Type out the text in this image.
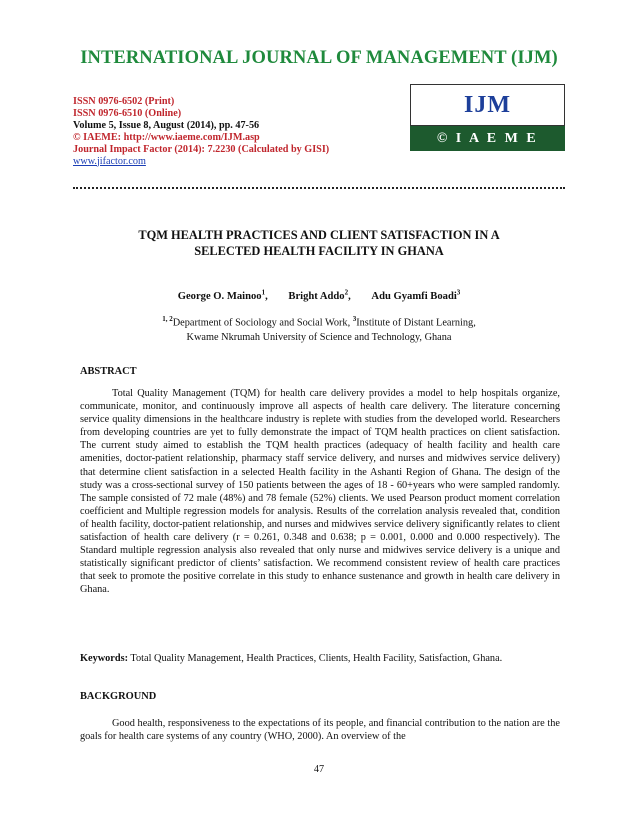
INTERNATIONAL JOURNAL OF MANAGEMENT (IJM)
ISSN 0976-6502 (Print)
ISSN 0976-6510 (Online)
Volume 5, Issue 8, August (2014), pp. 47-56
© IAEME: http://www.iaeme.com/IJM.asp
Journal Impact Factor (2014): 7.2230 (Calculated by GISI)
www.jifactor.com
IJM
© I A E M E
TQM HEALTH PRACTICES AND CLIENT SATISFACTION IN A
SELECTED HEALTH FACILITY IN GHANA
George O. Mainoo$^1$, Bright Addo$^2$, Adu Gyamfi Boadi$^3$
$^{1, 2}$Department of Sociology and Social Work, $^3$Institute of Distant Learning,
Kwame Nkrumah University of Science and Technology, Ghana
ABSTRACT
Total Quality Management (TQM) for health care delivery provides a model to help hospitals organize, communicate, monitor, and continuously improve all aspects of health care delivery. The literature concerning service quality dimensions in the healthcare industry is replete with studies from the developed world. Researchers from developing countries are yet to fully demonstrate the impact of TQM health practices on client satisfaction. The current study aimed to establish the TQM health practices (adequacy of health facility and health care amenities, doctor-patient relationship, pharmacy staff service delivery, and nurses and midwives service delivery) that determine client satisfaction in a selected Health facility in the Ashanti Region of Ghana. The design of the study was a cross-sectional survey of 150 patients between the ages of 18 - 60+years who were sampled randomly. The sample consisted of 72 male (48%) and 78 female (52%) clients. We used Pearson product moment correlation coefficient and Multiple regression models for analysis. Results of the correlation analysis revealed that, condition of health facility, doctor-patient relationship, and nurses and midwives service delivery significantly relates to client satisfaction of health care delivery (r = 0.261, 0.348 and 0.638; p = 0.001, 0.000 and 0.000 respectively). The Standard multiple regression analysis also revealed that only nurse and midwives service delivery is a unique and statistically significant predictor of clients’ satisfaction. We recommend consistent review of health care practices that seek to promote the positive correlate in this study to enhance sustenance and growth in health care delivery in Ghana.
Keywords: Total Quality Management, Health Practices, Clients, Health Facility, Satisfaction, Ghana.
BACKGROUND
Good health, responsiveness to the expectations of its people, and financial contribution to the nation are the goals for health care systems of any country (WHO, 2000). An overview of the
47
